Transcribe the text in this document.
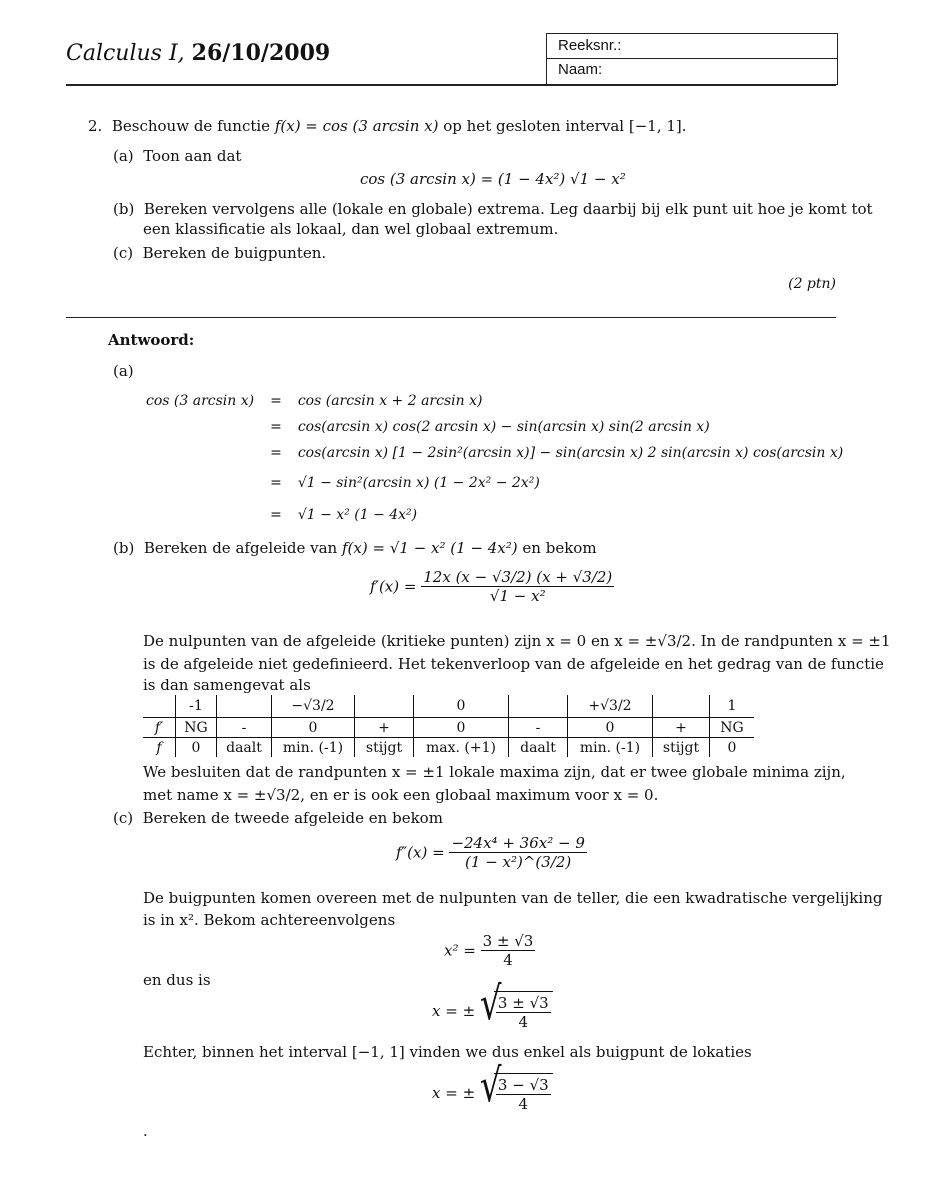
Calculus I, 26/10/2009	Reeksnr.:
Naam:
2. Beschouw de functie f(x) = cos (3 arcsin x) op het gesloten interval [−1, 1].
(a) Toon aan dat
cos (3 arcsin x) = (1 − 4x²) √1 − x²
(b) Bereken vervolgens alle (lokale en globale) extrema. Leg daarbij bij elk punt uit hoe je komt tot
een klassificatie als lokaal, dan wel globaal extremum.
(c) Bereken de buigpunten.
(2 ptn)
Antwoord:
(a)
cos (3 arcsin x)	=	cos (arcsin x + 2 arcsin x)
	=	cos(arcsin x) cos(2 arcsin x) − sin(arcsin x) sin(2 arcsin x)
	=	cos(arcsin x) [1 − 2sin²(arcsin x)] − sin(arcsin x) 2 sin(arcsin x) cos(arcsin x)
	=	√1 − sin²(arcsin x) (1 − 2x² − 2x²)
	=	√1 − x² (1 − 4x²)
(b) Bereken de afgeleide van f(x) = √1 − x² (1 − 4x²) en bekom
$f'(x) = \frac{12x (x - √3/2) (x + √3/2)}{\text{√1 − x²}}$
De nulpunten van de afgeleide (kritieke punten) zijn x = 0 en x = ±√3/2. In de randpunten x = ±1
is de afgeleide niet gedefinieerd. Het tekenverloop van de afgeleide en het gedrag van de functie
is dan samengevat als
	-1		−√3/2		0		+√3/2		1
f′	NG	-	0	+	0	-	0	+	NG
f	0	daalt	min. (-1)	stijgt	max. (+1)	daalt	min. (-1)	stijgt	0
We besluiten dat de randpunten x = ±1 lokale maxima zijn, dat er twee globale minima zijn,
met name x = ±√3/2, en er is ook een globaal maximum voor x = 0.
(c) Bereken de tweede afgeleide en bekom
$f''(x) = \frac{\text{−24x⁴ + 36x² − 9}}{\text{(1 − x²)\textasciicircum{}(3/2)}}$
De buigpunten komen overeen met de nulpunten van de teller, die een kwadratische vergelijking
is in x². Bekom achtereenvolgens
$x^2 = \frac{3 \pm √3}{4}$
en dus is
x = ± √
$\frac{3 \pm √3}{4}$
Echter, binnen het interval [−1, 1] vinden we dus enkel als buigpunt de lokaties
x = ± √
$\frac{3 - √3}{4}$
.
